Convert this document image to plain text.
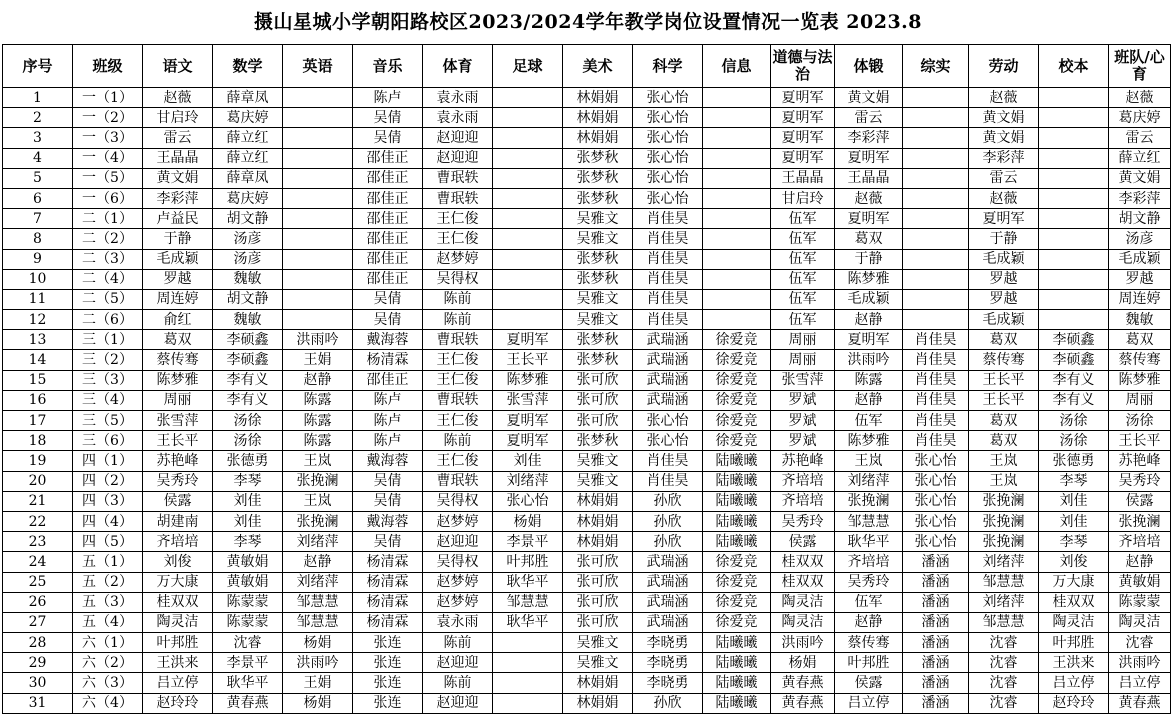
摄山星城小学朝阳路校区2023/2024学年教学岗位设置情况一览表 2023.8
序号	班级	语文	数学	英语	音乐	体育	足球	美术	科学	信息	道德与法治	体锻	综实	劳动	校本	班队/心育
1	一（1）	赵薇	薛章凤		陈卢	袁永雨		林娟娟	张心怡		夏明军	黄文娟		赵薇		赵薇
2	一（2）	甘启玲	葛庆婷		吴倩	袁永雨		林娟娟	张心怡		夏明军	雷云		黄文娟		葛庆婷
3	一（3）	雷云	薛立红		吴倩	赵迎迎		林娟娟	张心怡		夏明军	李彩萍		黄文娟		雷云
4	一（4）	王晶晶	薛立红		邵佳正	赵迎迎		张梦秋	张心怡		夏明军	夏明军		李彩萍		薛立红
5	一（5）	黄文娟	薛章凤		邵佳正	曹珉轶		张梦秋	张心怡		王晶晶	王晶晶		雷云		黄文娟
6	一（6）	李彩萍	葛庆婷		邵佳正	曹珉轶		张梦秋	张心怡		甘启玲	赵薇		赵薇		李彩萍
7	二（1）	卢益民	胡文静		邵佳正	王仁俊		吴雅文	肖佳昊		伍军	夏明军		夏明军		胡文静
8	二（2）	于静	汤彦		邵佳正	王仁俊		吴雅文	肖佳昊		伍军	葛双		于静		汤彦
9	二（3）	毛成颖	汤彦		邵佳正	赵梦婷		张梦秋	肖佳昊		伍军	于静		毛成颖		毛成颖
10	二（4）	罗越	魏敏		邵佳正	吴得权		张梦秋	肖佳昊		伍军	陈梦雅		罗越		罗越
11	二（5）	周连婷	胡文静		吴倩	陈前		吴雅文	肖佳昊		伍军	毛成颖		罗越		周连婷
12	二（6）	俞红	魏敏		吴倩	陈前		吴雅文	肖佳昊		伍军	赵静		毛成颖		魏敏
13	三（1）	葛双	李硕鑫	洪雨吟	戴海蓉	曹珉轶	夏明军	张梦秋	武瑞涵	徐爱竞	周丽	夏明军	肖佳昊	葛双	李硕鑫	葛双
14	三（2）	蔡传骞	李硕鑫	王娟	杨清霖	王仁俊	王长平	张梦秋	武瑞涵	徐爱竞	周丽	洪雨吟	肖佳昊	蔡传骞	李硕鑫	蔡传骞
15	三（3）	陈梦雅	李有义	赵静	邵佳正	王仁俊	陈梦雅	张可欣	武瑞涵	徐爱竞	张雪萍	陈露	肖佳昊	王长平	李有义	陈梦雅
16	三（4）	周丽	李有义	陈露	陈卢	曹珉轶	张雪萍	张可欣	武瑞涵	徐爱竞	罗斌	赵静	肖佳昊	王长平	李有义	周丽
17	三（5）	张雪萍	汤徐	陈露	陈卢	王仁俊	夏明军	张可欣	张心怡	徐爱竞	罗斌	伍军	肖佳昊	葛双	汤徐	汤徐
18	三（6）	王长平	汤徐	陈露	陈卢	陈前	夏明军	张梦秋	张心怡	徐爱竞	罗斌	陈梦雅	肖佳昊	葛双	汤徐	王长平
19	四（1）	苏艳峰	张德勇	王岚	戴海蓉	王仁俊	刘佳	吴雅文	肖佳昊	陆曦曦	苏艳峰	王岚	张心怡	王岚	张德勇	苏艳峰
20	四（2）	吴秀玲	李琴	张挽澜	吴倩	曹珉轶	刘绪萍	吴雅文	肖佳昊	陆曦曦	齐培培	刘绪萍	张心怡	王岚	李琴	吴秀玲
21	四（3）	侯露	刘佳	王岚	吴倩	吴得权	张心怡	林娟娟	孙欣	陆曦曦	齐培培	张挽澜	张心怡	张挽澜	刘佳	侯露
22	四（4）	胡建南	刘佳	张挽澜	戴海蓉	赵梦婷	杨娟	林娟娟	孙欣	陆曦曦	吴秀玲	邹慧慧	张心怡	张挽澜	刘佳	张挽澜
23	四（5）	齐培培	李琴	刘绪萍	吴倩	赵迎迎	李景平	林娟娟	孙欣	陆曦曦	侯露	耿华平	张心怡	张挽澜	李琴	齐培培
24	五（1）	刘俊	黄敏娟	赵静	杨清霖	吴得权	叶邦胜	张可欣	武瑞涵	徐爱竞	桂双双	齐培培	潘涵	刘绪萍	刘俊	赵静
25	五（2）	万大康	黄敏娟	刘绪萍	杨清霖	赵梦婷	耿华平	张可欣	武瑞涵	徐爱竞	桂双双	吴秀玲	潘涵	邹慧慧	万大康	黄敏娟
26	五（3）	桂双双	陈蒙蒙	邹慧慧	杨清霖	赵梦婷	邹慧慧	张可欣	武瑞涵	徐爱竞	陶灵洁	伍军	潘涵	刘绪萍	桂双双	陈蒙蒙
27	五（4）	陶灵洁	陈蒙蒙	邹慧慧	杨清霖	袁永雨	耿华平	张可欣	武瑞涵	徐爱竞	陶灵洁	赵静	潘涵	邹慧慧	陶灵洁	陶灵洁
28	六（1）	叶邦胜	沈睿	杨娟	张连	陈前		吴雅文	李晓勇	陆曦曦	洪雨吟	蔡传骞	潘涵	沈睿	叶邦胜	沈睿
29	六（2）	王洪来	李景平	洪雨吟	张连	赵迎迎		吴雅文	李晓勇	陆曦曦	杨娟	叶邦胜	潘涵	沈睿	王洪来	洪雨吟
30	六（3）	吕立停	耿华平	王娟	张连	陈前		林娟娟	李晓勇	陆曦曦	黄春燕	侯露	潘涵	沈睿	吕立停	吕立停
31	六（4）	赵玲玲	黄春燕	杨娟	张连	赵迎迎		林娟娟	孙欣	陆曦曦	黄春燕	吕立停	潘涵	沈睿	赵玲玲	黄春燕
